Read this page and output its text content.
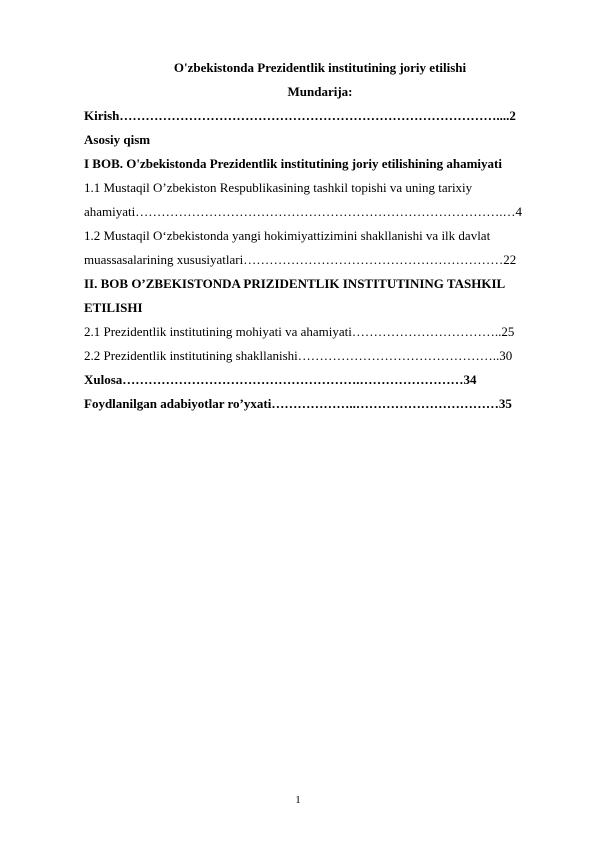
O'zbekistonda Prezidentlik institutining joriy etilishi
Mundarija:
Kirish……………………………………………………………………………....2
Asosiy qism
I BOB. O'zbekistonda Prezidentlik institutining joriy etilishining ahamiyati
1.1 Mustaqil O’zbekiston Respublikasining tashkil topishi va uning tarixiy
ahamiyati………………………………………………………………………….…4
1.2 Mustaqil O‘zbekistonda yangi hokimiyattizimini shakllanishi va ilk davlat
muassasalarining xususiyatlari……………………………………………………22
II. BOB O’ZBEKISTONDA PRIZIDENTLIK INSTITUTINING TASHKIL
ETILISHI
2.1 Prezidentlik institutining mohiyati va ahamiyati……………………………..25
2.2 Prezidentlik institutining shakllanishi………………………………………..30
Xulosa……………………………………………….……………………34
Foydlanilgan adabiyotlar ro’yxati………………..……………………………35
1
